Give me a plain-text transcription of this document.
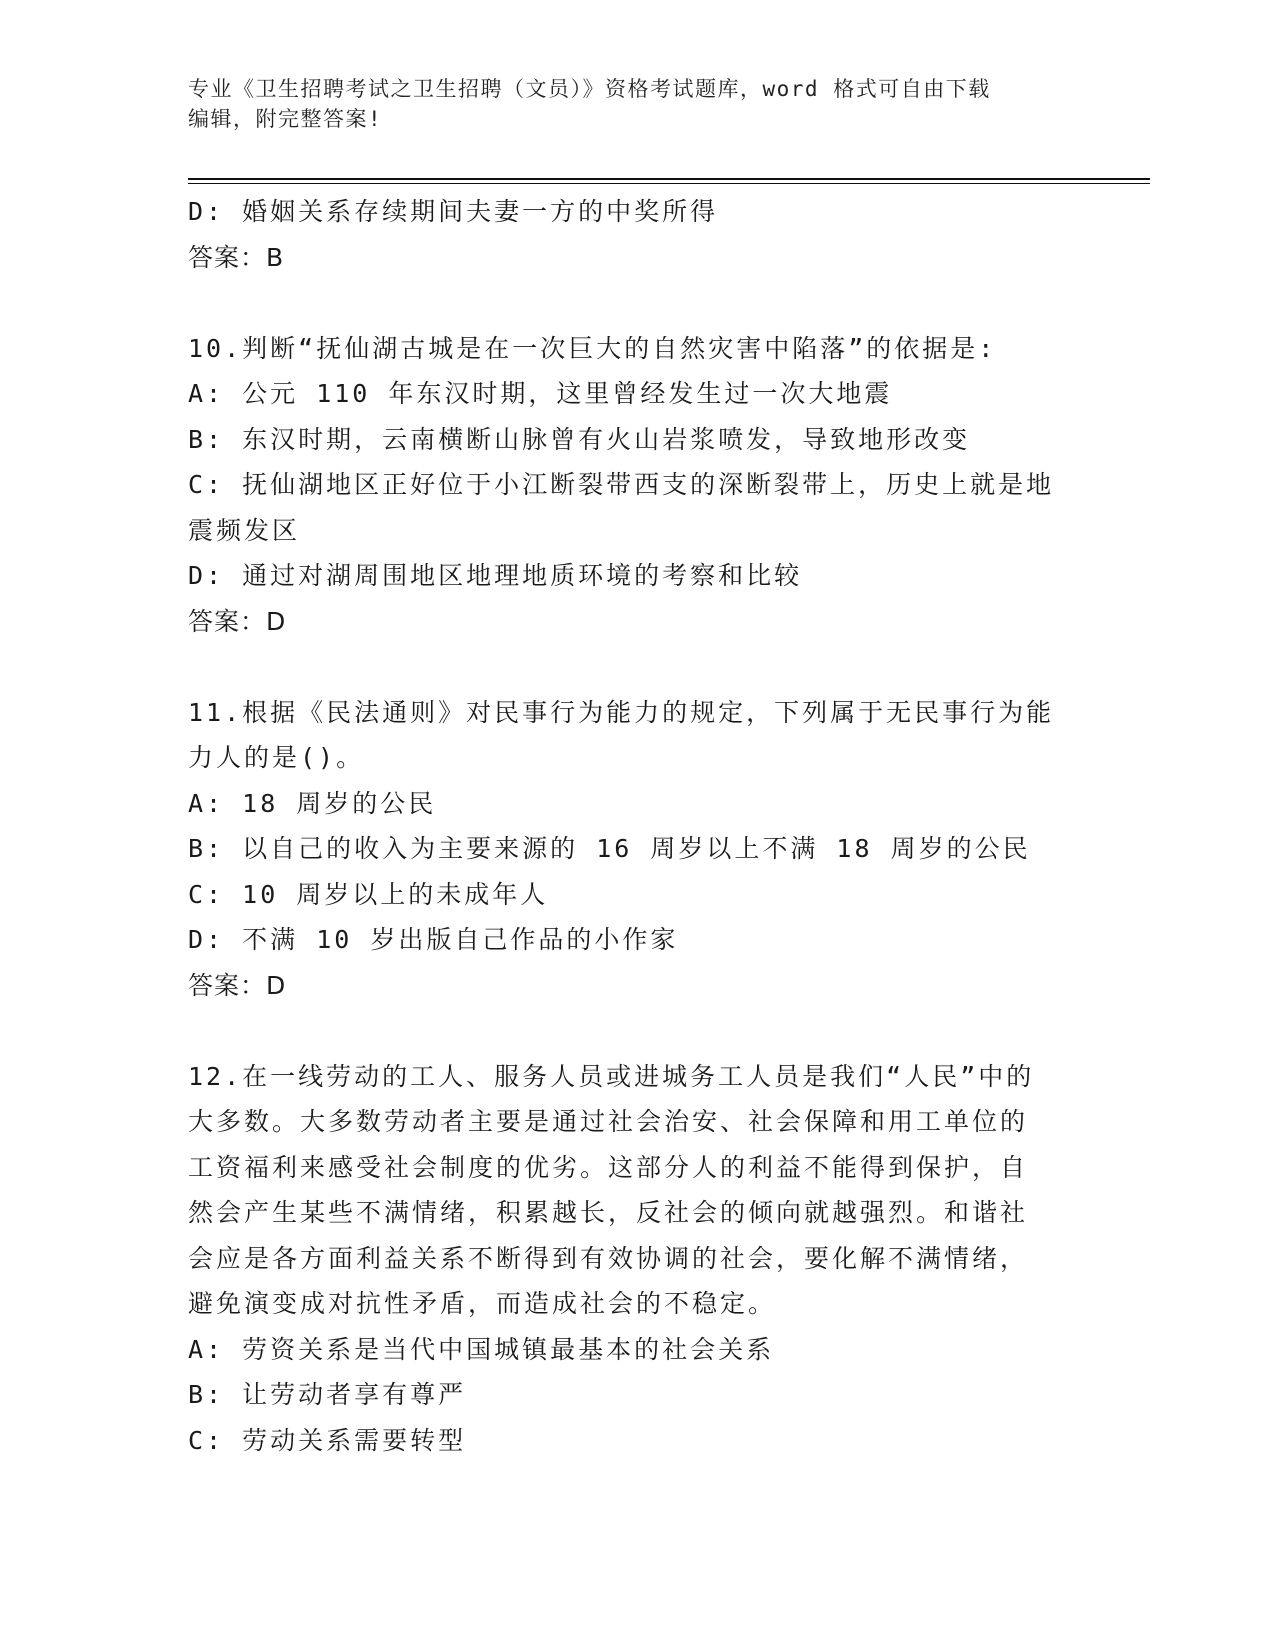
专业《卫生招聘考试之卫生招聘（文员）》资格考试题库，word 格式可自由下载
编辑，附完整答案!
D: 婚姻关系存续期间夫妻一方的中奖所得
答案：B
10.判断“抚仙湖古城是在一次巨大的自然灾害中陷落”的依据是:
A: 公元 110 年东汉时期，这里曾经发生过一次大地震
B: 东汉时期，云南横断山脉曾有火山岩浆喷发，导致地形改变
C: 抚仙湖地区正好位于小江断裂带西支的深断裂带上，历史上就是地
震频发区
D: 通过对湖周围地区地理地质环境的考察和比较
答案：D
11.根据《民法通则》对民事行为能力的规定，下列属于无民事行为能
力人的是()。
A: 18 周岁的公民
B: 以自己的收入为主要来源的 16 周岁以上不满 18 周岁的公民
C: 10 周岁以上的未成年人
D: 不满 10 岁出版自己作品的小作家
答案：D
12.在一线劳动的工人、服务人员或进城务工人员是我们“人民”中的
大多数。大多数劳动者主要是通过社会治安、社会保障和用工单位的
工资福利来感受社会制度的优劣。这部分人的利益不能得到保护，自
然会产生某些不满情绪，积累越长，反社会的倾向就越强烈。和谐社
会应是各方面利益关系不断得到有效协调的社会，要化解不满情绪，
避免演变成对抗性矛盾，而造成社会的不稳定。
A: 劳资关系是当代中国城镇最基本的社会关系
B: 让劳动者享有尊严
C: 劳动关系需要转型
